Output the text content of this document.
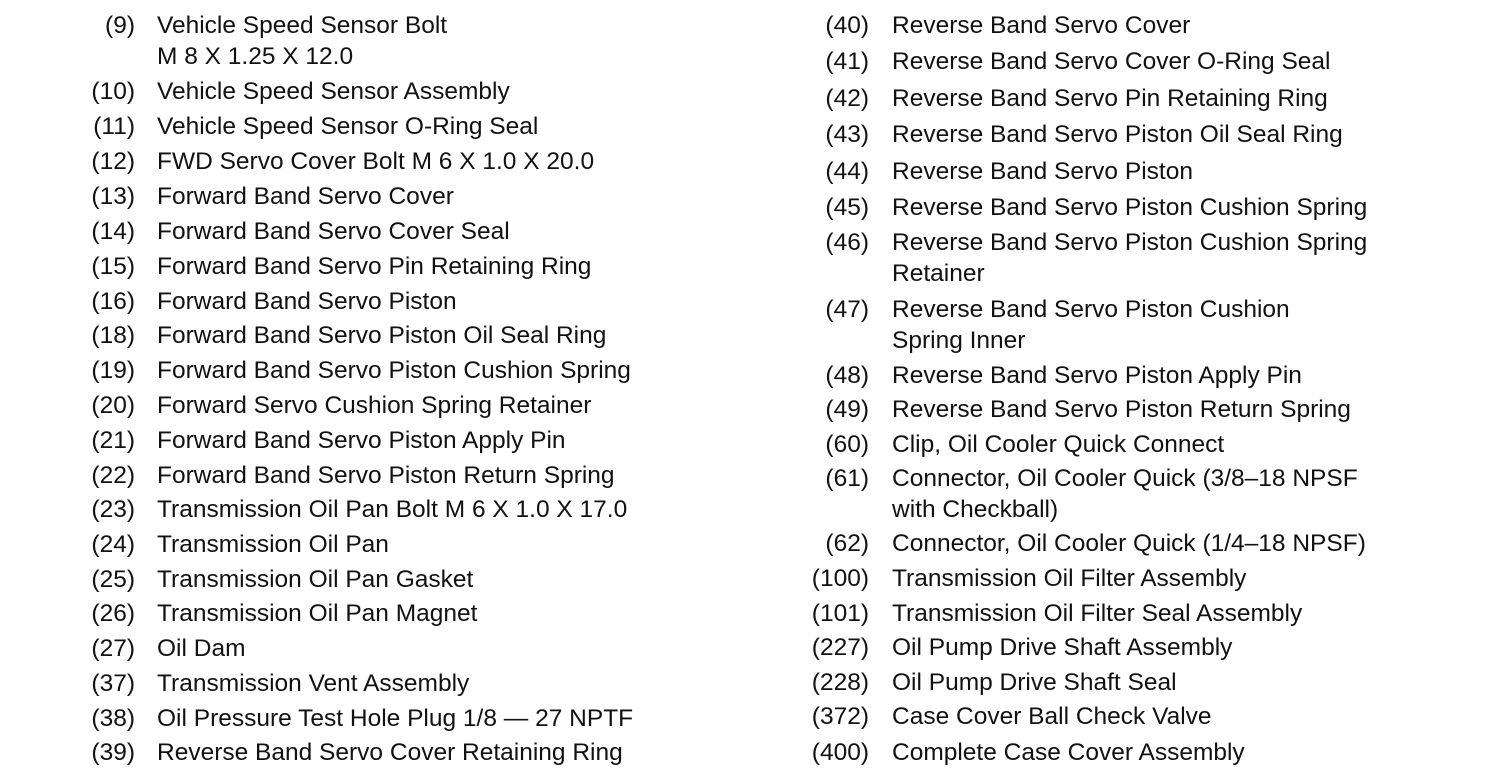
(9) Vehicle Speed Sensor Bolt
M 8 X 1.25 X 12.0
(10) Vehicle Speed Sensor Assembly
(11) Vehicle Speed Sensor O-Ring Seal
(12) FWD Servo Cover Bolt M 6 X 1.0 X 20.0
(13) Forward Band Servo Cover
(14) Forward Band Servo Cover Seal
(15) Forward Band Servo Pin Retaining Ring
(16) Forward Band Servo Piston
(18) Forward Band Servo Piston Oil Seal Ring
(19) Forward Band Servo Piston Cushion Spring
(20) Forward Servo Cushion Spring Retainer
(21) Forward Band Servo Piston Apply Pin
(22) Forward Band Servo Piston Return Spring
(23) Transmission Oil Pan Bolt M 6 X 1.0 X 17.0
(24) Transmission Oil Pan
(25) Transmission Oil Pan Gasket
(26) Transmission Oil Pan Magnet
(27) Oil Dam
(37) Transmission Vent Assembly
(38) Oil Pressure Test Hole Plug 1/8 — 27 NPTF
(39) Reverse Band Servo Cover Retaining Ring
(40) Reverse Band Servo Cover
(41) Reverse Band Servo Cover O-Ring Seal
(42) Reverse Band Servo Pin Retaining Ring
(43) Reverse Band Servo Piston Oil Seal Ring
(44) Reverse Band Servo Piston
(45) Reverse Band Servo Piston Cushion Spring
(46) Reverse Band Servo Piston Cushion Spring
Retainer
(47) Reverse Band Servo Piston Cushion
Spring Inner
(48) Reverse Band Servo Piston Apply Pin
(49) Reverse Band Servo Piston Return Spring
(60) Clip, Oil Cooler Quick Connect
(61) Connector, Oil Cooler Quick (3/8–18 NPSF
with Checkball)
(62) Connector, Oil Cooler Quick (1/4–18 NPSF)
(100) Transmission Oil Filter Assembly
(101) Transmission Oil Filter Seal Assembly
(227) Oil Pump Drive Shaft Assembly
(228) Oil Pump Drive Shaft Seal
(372) Case Cover Ball Check Valve
(400) Complete Case Cover Assembly
